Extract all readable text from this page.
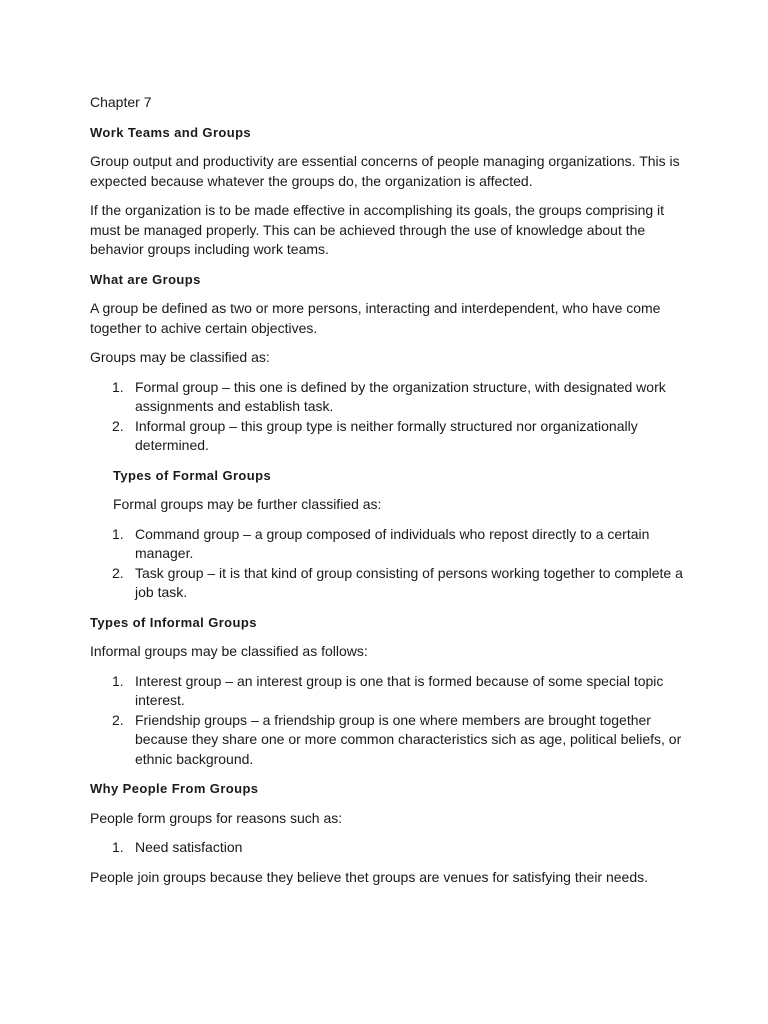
Chapter 7

Work Teams and Groups

Group output and productivity are essential concerns of people managing organizations. This is expected because whatever the groups do, the organization is affected.

If the organization is to be made effective in accomplishing its goals, the groups comprising it must be managed properly. This can be achieved through the use of knowledge about the behavior groups including work teams.

What are Groups

A group be defined as two or more persons, interacting and interdependent, who have come together to achive certain objectives.

Groups may be classified as:

1. Formal group – this one is defined by the organization structure, with designated work assignments and establish task.
2. Informal group – this group type is neither formally structured nor organizationally determined.

Types of Formal Groups

Formal groups may be further classified as:

1. Command group – a group composed of individuals who repost directly to a certain manager.
2. Task group – it is that kind of group consisting of persons working together to complete a job task.

Types of Informal Groups

Informal groups may be classified as follows:

1. Interest group – an interest group is one that is formed because of some special topic interest.
2. Friendship groups – a friendship group is one where members are brought together because they share one or more common characteristics sich as age, political beliefs, or ethnic background.

Why People From Groups

People form groups for reasons such as:

1. Need satisfaction

People join groups because they believe thet groups are venues for satisfying their needs.
